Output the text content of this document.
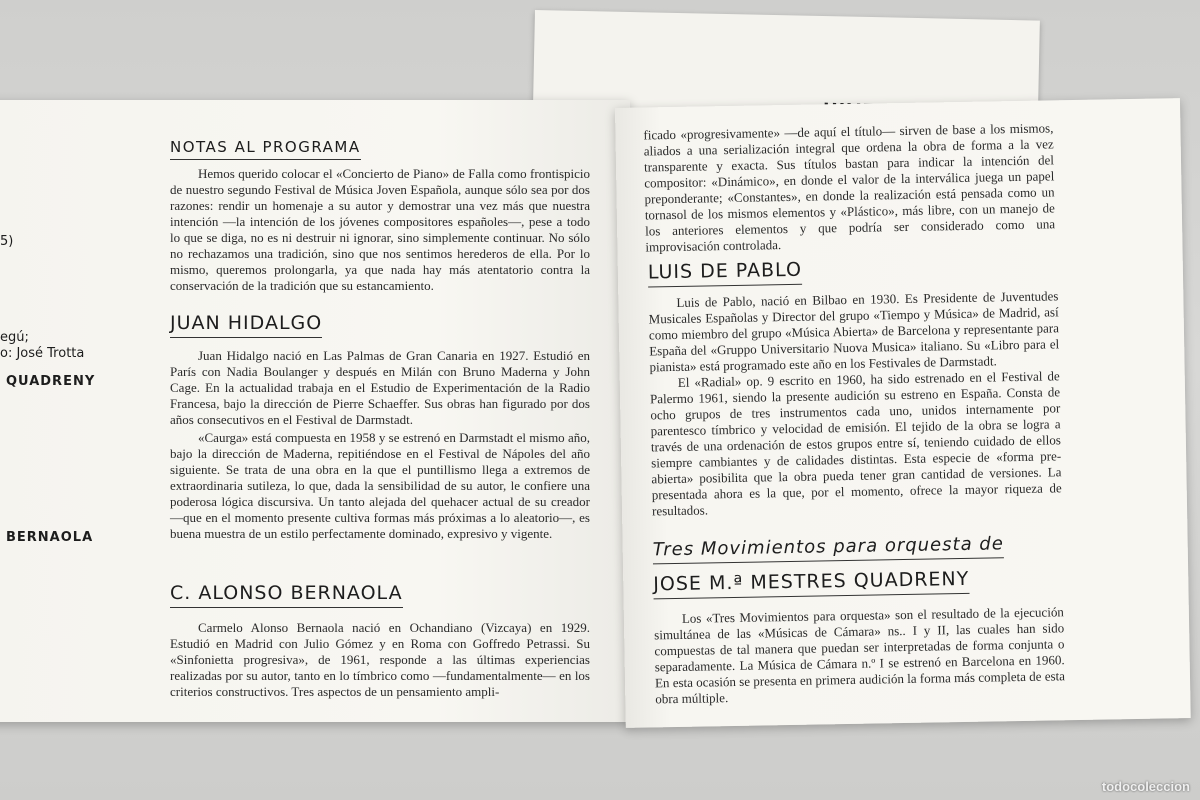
5)
egú;
o: José Trotta
QUADRENY
BERNAOLA
NOTAS AL PROGRAMA

Hemos querido colocar el «Concierto de Piano» de Falla como frontispicio de nuestro segundo Festival de Música Joven Española, aunque sólo sea por dos razones: rendir un homenaje a su autor y demostrar una vez más que nuestra intención —la intención de los jóvenes compositores españoles—, pese a todo lo que se diga, no es ni destruir ni ignorar, sino simplemente continuar. No sólo no rechazamos una tradición, sino que nos sentimos herederos de ella. Por lo mismo, queremos prolongarla, ya que nada hay más atentatorio contra la conservación de la tradición que su estancamiento.

JUAN HIDALGO

Juan Hidalgo nació en Las Palmas de Gran Canaria en 1927. Estudió en París con Nadia Boulanger y después en Milán con Bruno Maderna y John Cage. En la actualidad trabaja en el Estudio de Experimentación de la Radio Francesa, bajo la dirección de Pierre Schaeffer. Sus obras han figurado por dos años consecutivos en el Festival de Darmstadt.

«Caurga» está compuesta en 1958 y se estrenó en Darmstadt el mismo año, bajo la dirección de Maderna, repitiéndose en el Festival de Nápoles del año siguiente. Se trata de una obra en la que el puntillismo llega a extremos de extraordinaria sutileza, lo que, dada la sensibilidad de su autor, le confiere una poderosa lógica discursiva. Un tanto alejada del quehacer actual de su creador —que en el momento presente cultiva formas más próximas a lo aleatorio—, es buena muestra de un estilo perfectamente dominado, expresivo y vigente.

C. ALONSO BERNAOLA

Carmelo Alonso Bernaola nació en Ochandiano (Vizcaya) en 1929. Estudió en Madrid con Julio Gómez y en Roma con Goffredo Petrassi. Su «Sinfonietta progresiva», de 1961, responde a las últimas experiencias realizadas por su autor, tanto en lo tímbrico como —fundamentalmente— en los criterios constructivos. Tres aspectos de un pensamiento ampli-

ficado «progresivamente» —de aquí el título— sirven de base a los mismos, aliados a una serialización integral que ordena la obra de forma a la vez transparente y exacta. Sus títulos bastan para indicar la intención del compositor: «Dinámico», en donde el valor de la interválica juega un papel preponderante; «Constantes», en donde la realización está pensada como un tornasol de los mismos elementos y «Plástico», más libre, con un manejo de los anteriores elementos y que podría ser considerado como una improvisación controlada.

LUIS DE PABLO

Luis de Pablo, nació en Bilbao en 1930. Es Presidente de Juventudes Musicales Españolas y Director del grupo «Tiempo y Música» de Madrid, así como miembro del grupo «Música Abierta» de Barcelona y representante para España del «Gruppo Universitario Nuova Musica» italiano. Su «Libro para el pianista» está programado este año en los Festivales de Darmstadt.

El «Radial» op. 9 escrito en 1960, ha sido estrenado en el Festival de Palermo 1961, siendo la presente audición su estreno en España. Consta de ocho grupos de tres instrumentos cada uno, unidos internamente por parentesco tímbrico y velocidad de emisión. El tejido de la obra se logra a través de una ordenación de estos grupos entre sí, teniendo cuidado de ellos siempre cambiantes y de calidades distintas. Esta especie de «forma pre-abierta» posibilita que la obra pueda tener gran cantidad de versiones. La presentada ahora es la que, por el momento, ofrece la mayor riqueza de resultados.

Tres Movimientos para orquesta de
JOSE M.ª MESTRES QUADRENY

Los «Tres Movimientos para orquesta» son el resultado de la ejecución simultánea de las «Músicas de Cámara» ns.. I y II, las cuales han sido compuestas de tal manera que puedan ser interpretadas de forma conjunta o separadamente. La Música de Cámara n.º I se estrenó en Barcelona en 1960. En esta ocasión se presenta en primera audición la forma más completa de esta obra múltiple.

todocoleccion
